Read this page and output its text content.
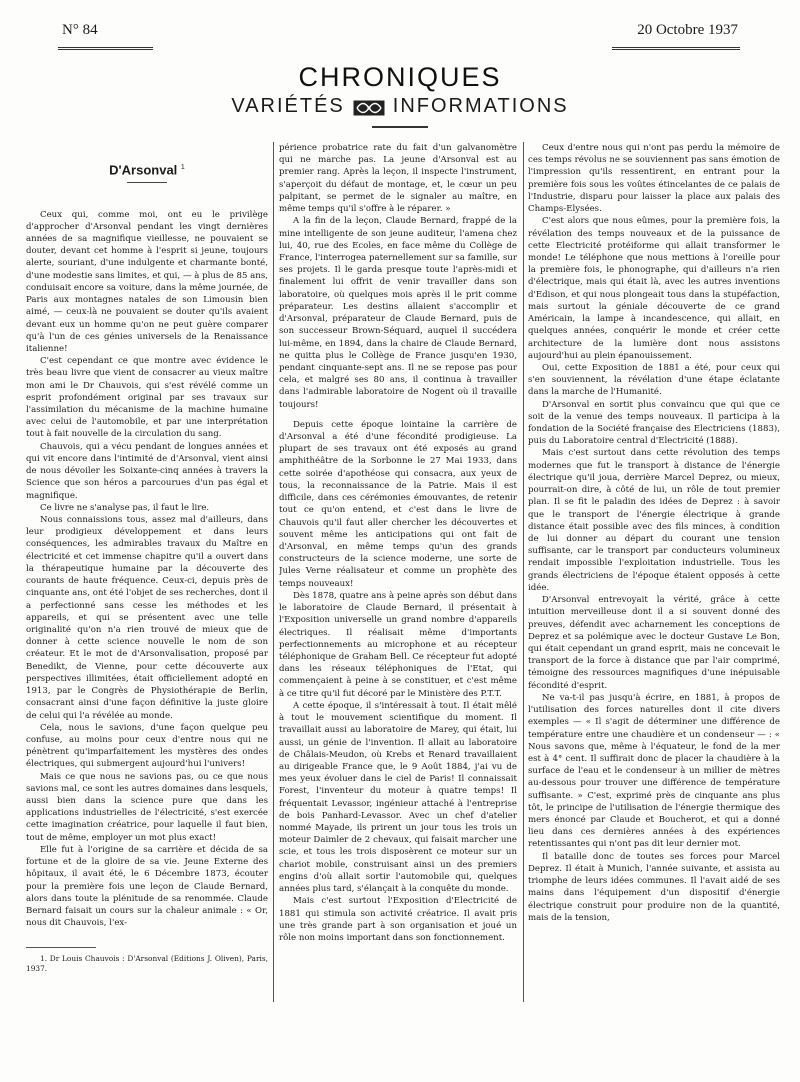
N° 84	20 Octobre 1937
CHRONIQUES
VARIÉTÉS INFORMATIONS
D'Arsonval $^1$

Ceux qui, comme moi, ont eu le privilège d'approcher d'Arsonval pendant les vingt dernières années de sa magnifique vieillesse, ne pouvaient se douter, devant cet homme à l'esprit si jeune, toujours alerte, souriant, d'une indulgente et charmante bonté, d'une modestie sans limites, et qui, — à plus de 85 ans, conduisait encore sa voiture, dans la même journée, de Paris aux montagnes natales de son Limousin bien aimé, — ceux-là ne pouvaient se douter qu'ils avaient devant eux un homme qu'on ne peut guère comparer qu'à l'un de ces génies universels de la Renaissance italienne!

C'est cependant ce que montre avec évidence le très beau livre que vient de consacrer au vieux maître mon ami le Dr Chauvois, qui s'est révélé comme un esprit profondément original par ses travaux sur l'assimilation du mécanisme de la machine humaine avec celui de l'automobile, et par une interprétation tout à fait nouvelle de la circulation du sang.

Chauvois, qui a vécu pendant de longues années et qui vit encore dans l'intimité de d'Arsonval, vient ainsi de nous dévoiler les Soixante-cinq années à travers la Science que son héros a parcourues d'un pas égal et magnifique.

Ce livre ne s'analyse pas, il faut le lire.

Nous connaissions tous, assez mal d'ailleurs, dans leur prodigieux développement et dans leurs conséquences, les admirables travaux du Maître en électricité et cet immense chapitre qu'il a ouvert dans la thérapeutique humaine par la découverte des courants de haute fréquence. Ceux-ci, depuis près de cinquante ans, ont été l'objet de ses recherches, dont il a perfectionné sans cesse les méthodes et les appareils, et qui se présentent avec une telle originalité qu'on n'a rien trouvé de mieux que de donner à cette science nouvelle le nom de son créateur. Et le mot de d'Arsonvalisation, proposé par Benedikt, de Vienne, pour cette découverte aux perspectives illimitées, était officiellement adopté en 1913, par le Congrès de Physiothérapie de Berlin, consacrant ainsi d'une façon définitive la juste gloire de celui qui l'a révélée au monde.

Cela, nous le savions, d'une façon quelque peu confuse, au moins pour ceux d'entre nous qui ne pénètrent qu'imparfaitement les mystères des ondes électriques, qui submergent aujourd'hui l'univers!

Mais ce que nous ne savions pas, ou ce que nous savions mal, ce sont les autres domaines dans lesquels, aussi bien dans la science pure que dans les applications industrielles de l'électricité, s'est exercée cette imagination créatrice, pour laquelle il faut bien, tout de même, employer un mot plus exact!

Elle fut à l'origine de sa carrière et décida de sa fortune et de la gloire de sa vie. Jeune Externe des hôpitaux, il avait été, le 6 Décembre 1873, écouter pour la première fois une leçon de Claude Bernard, alors dans toute la plénitude de sa renommée. Claude Bernard faisait un cours sur la chaleur animale : « Or, nous dit Chauvois, l'ex-

1. Dr Louis Chauvois : D'Arsonval (Editions J. Oliven), Paris, 1937.

périence probatrice rate du fait d'un galvanomètre qui ne marche pas. La jeune d'Arsonval est au premier rang. Après la leçon, il inspecte l'instrument, s'aperçoit du défaut de montage, et, le cœur un peu palpitant, se permet de le signaler au maître, en même temps qu'il s'offre à le réparer. »

A la fin de la leçon, Claude Bernard, frappé de la mine intelligente de son jeune auditeur, l'amena chez lui, 40, rue des Ecoles, en face même du Collège de France, l'interrogea paternellement sur sa famille, sur ses projets. Il le garda presque toute l'après-midi et finalement lui offrit de venir travailler dans son laboratoire, où quelques mois après il le prit comme préparateur. Les destins allaient s'accomplir et d'Arsonval, préparateur de Claude Bernard, puis de son successeur Brown-Séquard, auquel il succédera lui-même, en 1894, dans la chaire de Claude Bernard, ne quitta plus le Collège de France jusqu'en 1930, pendant cinquante-sept ans. Il ne se repose pas pour cela, et malgré ses 80 ans, il continua à travailler dans l'admirable laboratoire de Nogent où il travaille toujours!

Depuis cette époque lointaine la carrière de d'Arsonval a été d'une fécondité prodigieuse. La plupart de ses travaux ont été exposés au grand amphithéâtre de la Sorbonne le 27 Mai 1933, dans cette soirée d'apothéose qui consacra, aux yeux de tous, la reconnaissance de la Patrie. Mais il est difficile, dans ces cérémonies émouvantes, de retenir tout ce qu'on entend, et c'est dans le livre de Chauvois qu'il faut aller chercher les découvertes et souvent même les anticipations qui ont fait de d'Arsonval, en même temps qu'un des grands constructeurs de la science moderne, une sorte de Jules Verne réalisateur et comme un prophète des temps nouveaux!

Dès 1878, quatre ans à peine après son début dans le laboratoire de Claude Bernard, il présentait à l'Exposition universelle un grand nombre d'appareils électriques. Il réalisait même d'importants perfectionnements au microphone et au récepteur téléphonique de Graham Bell. Ce récepteur fut adopté dans les réseaux téléphoniques de l'Etat, qui commençaient à peine à se constituer, et c'est même à ce titre qu'il fut décoré par le Ministère des P.T.T.

A cette époque, il s'intéressait à tout. Il était mêlé à tout le mouvement scientifique du moment. Il travaillait aussi au laboratoire de Marey, qui était, lui aussi, un génie de l'invention. Il allait au laboratoire de Châlais-Meudon, où Krebs et Renard travaillaient au dirigeable France que, le 9 Août 1884, j'ai vu de mes yeux évoluer dans le ciel de Paris! Il connaissait Forest, l'inventeur du moteur à quatre temps! Il fréquentait Levassor, ingénieur attaché à l'entreprise de bois Panhard-Levassor. Avec un chef d'atelier nommé Mayade, ils prirent un jour tous les trois un moteur Daimler de 2 chevaux, qui faisait marcher une scie, et tous les trois disposèrent ce moteur sur un chariot mobile, construisant ainsi un des premiers engins d'où allait sortir l'automobile qui, quelques années plus tard, s'élançait à la conquête du monde.

Mais c'est surtout l'Exposition d'Electricité de 1881 qui stimula son activité créatrice. Il avait pris une très grande part à son organisation et joué un rôle non moins important dans son fonctionnement.

Ceux d'entre nous qui n'ont pas perdu la mémoire de ces temps révolus ne se souviennent pas sans émotion de l'impression qu'ils ressentirent, en entrant pour la première fois sous les voûtes étincelantes de ce palais de l'Industrie, disparu pour laisser la place aux palais des Champs-Elysées.

C'est alors que nous eûmes, pour la première fois, la révélation des temps nouveaux et de la puissance de cette Electricité protéiforme qui allait transformer le monde! Le téléphone que nous mettions à l'oreille pour la première fois, le phonographe, qui d'ailleurs n'a rien d'électrique, mais qui était là, avec les autres inventions d'Edison, et qui nous plongeait tous dans la stupéfaction, mais surtout la géniale découverte de ce grand Américain, la lampe à incandescence, qui allait, en quelques années, conquérir le monde et créer cette architecture de la lumière dont nous assistons aujourd'hui au plein épanouissement.

Oui, cette Exposition de 1881 a été, pour ceux qui s'en souviennent, la révélation d'une étape éclatante dans la marche de l'Humanité.

D'Arsonval en sortit plus convaincu que qui que ce soit de la venue des temps nouveaux. Il participa à la fondation de la Société française des Electriciens (1883), puis du Laboratoire central d'Electricité (1888).

Mais c'est surtout dans cette révolution des temps modernes que fut le transport à distance de l'énergie électrique qu'il joua, derrière Marcel Deprez, ou mieux, pourrait-on dire, à côté de lui, un rôle de tout premier plan. Il se fit le paladin des idées de Deprez : à savoir que le transport de l'énergie électrique à grande distance était possible avec des fils minces, à condition de lui donner au départ du courant une tension suffisante, car le transport par conducteurs volumineux rendait impossible l'exploitation industrielle. Tous les grands électriciens de l'époque étaient opposés à cette idée.

D'Arsonval entrevoyait la vérité, grâce à cette intuition merveilleuse dont il a si souvent donné des preuves, défendit avec acharnement les conceptions de Deprez et sa polémique avec le docteur Gustave Le Bon, qui était cependant un grand esprit, mais ne concevait le transport de la force à distance que par l'air comprimé, témoigne des ressources magnifiques d'une inépuisable fécondité d'esprit.

Ne va-t-il pas jusqu'à écrire, en 1881, à propos de l'utilisation des forces naturelles dont il cite divers exemples — « Il s'agit de déterminer une différence de température entre une chaudière et un condenseur — : « Nous savons que, même à l'équateur, le fond de la mer est à 4° cent. Il suffirait donc de placer la chaudière à la surface de l'eau et le condenseur à un millier de mètres au-dessous pour trouver une différence de température suffisante. » C'est, exprimé près de cinquante ans plus tôt, le principe de l'utilisation de l'énergie thermique des mers énoncé par Claude et Boucherot, et qui a donné lieu dans ces dernières années à des expériences retentissantes qui n'ont pas dit leur dernier mot.

Il bataille donc de toutes ses forces pour Marcel Deprez. Il était à Munich, l'année suivante, et assista au triomphe de leurs idées communes. Il l'avait aidé de ses mains dans l'équipement d'un dispositif d'énergie électrique construit pour produire non de la quantité, mais de la tension,
